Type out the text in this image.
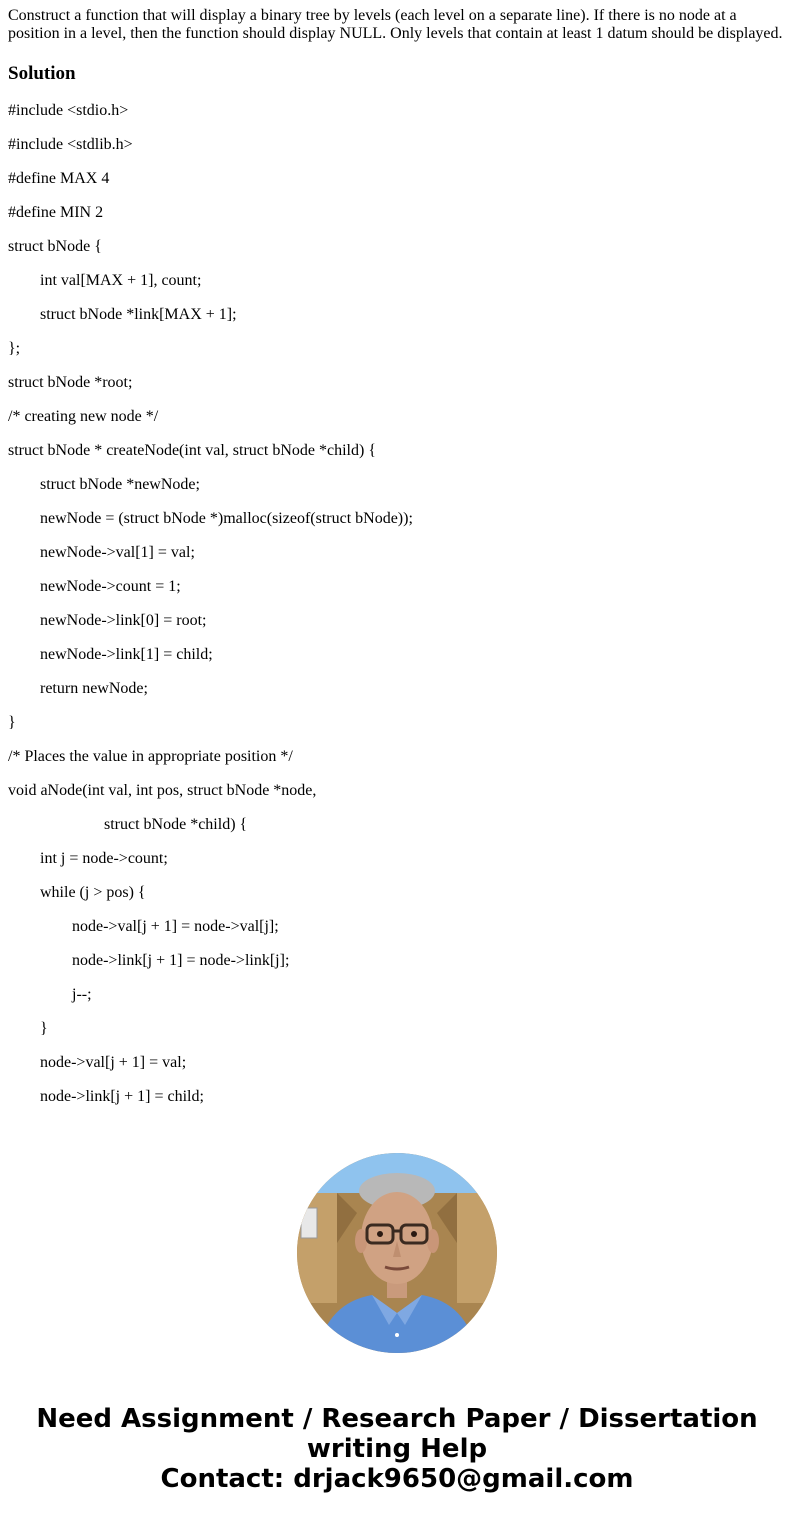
Construct a function that will display a binary tree by levels (each level on a separate line). If there is no node at a position in a level, then the function should display NULL. Only levels that contain at least 1 datum should be displayed.

Solution
#include <stdio.h>
#include <stdlib.h>
#define MAX 4
#define MIN 2
struct bNode {
int val[MAX + 1], count;
struct bNode *link[MAX + 1];
};
struct bNode *root;
/* creating new node */
struct bNode * createNode(int val, struct bNode *child) {
struct bNode *newNode;
newNode = (struct bNode *)malloc(sizeof(struct bNode));
newNode->val[1] = val;
newNode->count = 1;
newNode->link[0] = root;
newNode->link[1] = child;
return newNode;
}
/* Places the value in appropriate position */
void aNode(int val, int pos, struct bNode *node,
struct bNode *child) {
int j = node->count;
while (j > pos) {
node->val[j + 1] = node->val[j];
node->link[j + 1] = node->link[j];
j--;
}
node->val[j + 1] = val;
node->link[j + 1] = child;
Need Assignment / Research Paper / Dissertation
writing Help
Contact: drjack9650@gmail.com
